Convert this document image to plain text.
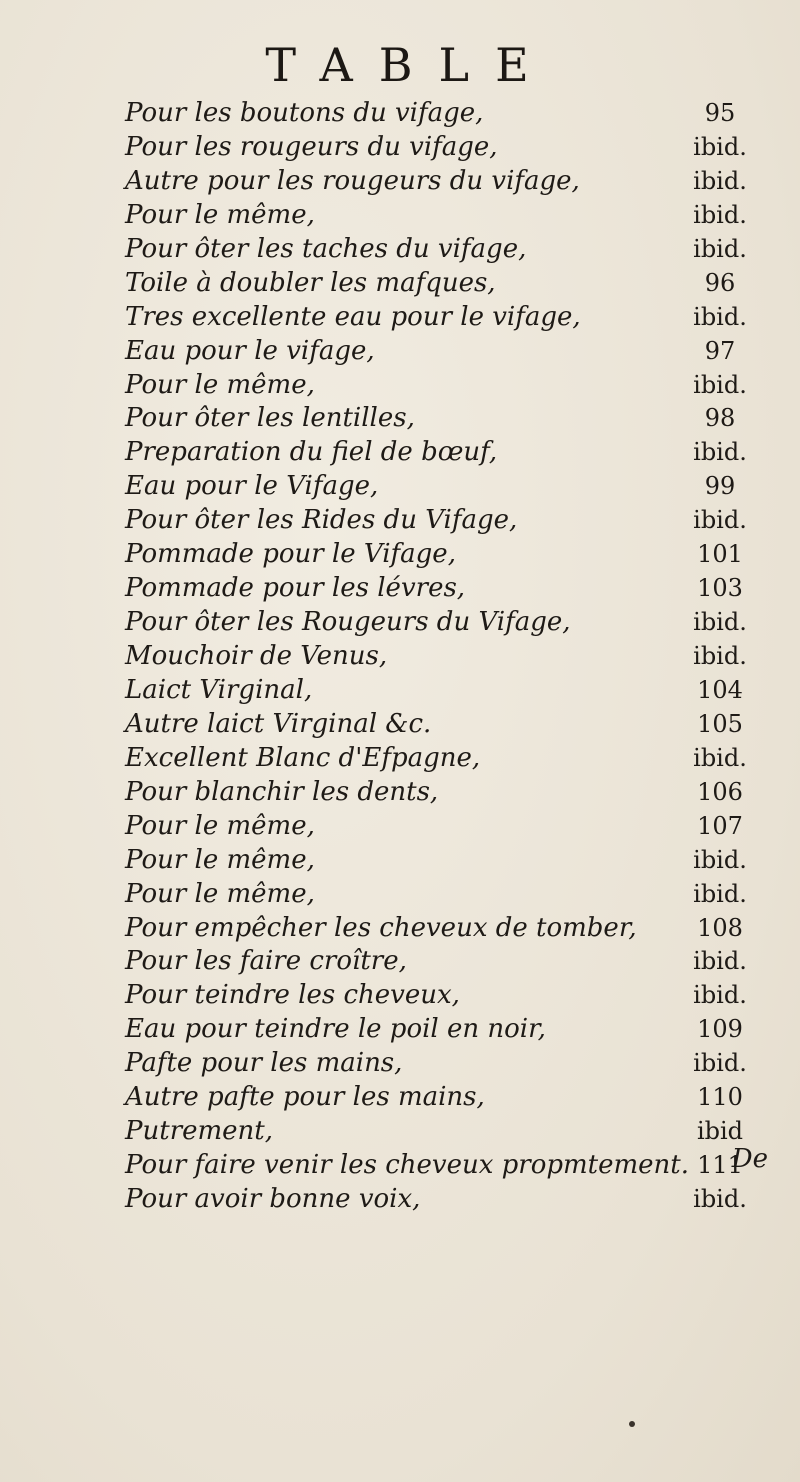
TABLE
Pour les boutons du vifage,	95
Pour les rougeurs du vifage,	ibid.
Autre pour les rougeurs du vifage,	ibid.
Pour le même,	ibid.
Pour ôter les taches du vifage,	ibid.
Toile à doubler les mafques,	96
Tres excellente eau pour le vifage,	ibid.
Eau pour le vifage,	97
Pour le même,	ibid.
Pour ôter les lentilles,	98
Preparation du fiel de bœuf,	ibid.
Eau pour le Vifage,	99
Pour ôter les Rides du Vifage,	ibid.
Pommade pour le Vifage,	101
Pommade pour les lévres,	103
Pour ôter les Rougeurs du Vifage,	ibid.
Mouchoir de Venus,	ibid.
Laict Virginal,	104
Autre laict Virginal &c.	105
Excellent Blanc d'Efpagne,	ibid.
Pour blanchir les dents,	106
Pour le même,	107
Pour le même,	ibid.
Pour le même,	ibid.
Pour empêcher les cheveux de tomber,	108
Pour les faire croître,	ibid.
Pour teindre les cheveux,	ibid.
Eau pour teindre le poil en noir,	109
Pafte pour les mains,	ibid.
Autre pafte pour les mains,	110
Putrement,	ibid
Pour faire venir les cheveux propmtement. 111
Pour avoir bonne voix,	ibid.
De
